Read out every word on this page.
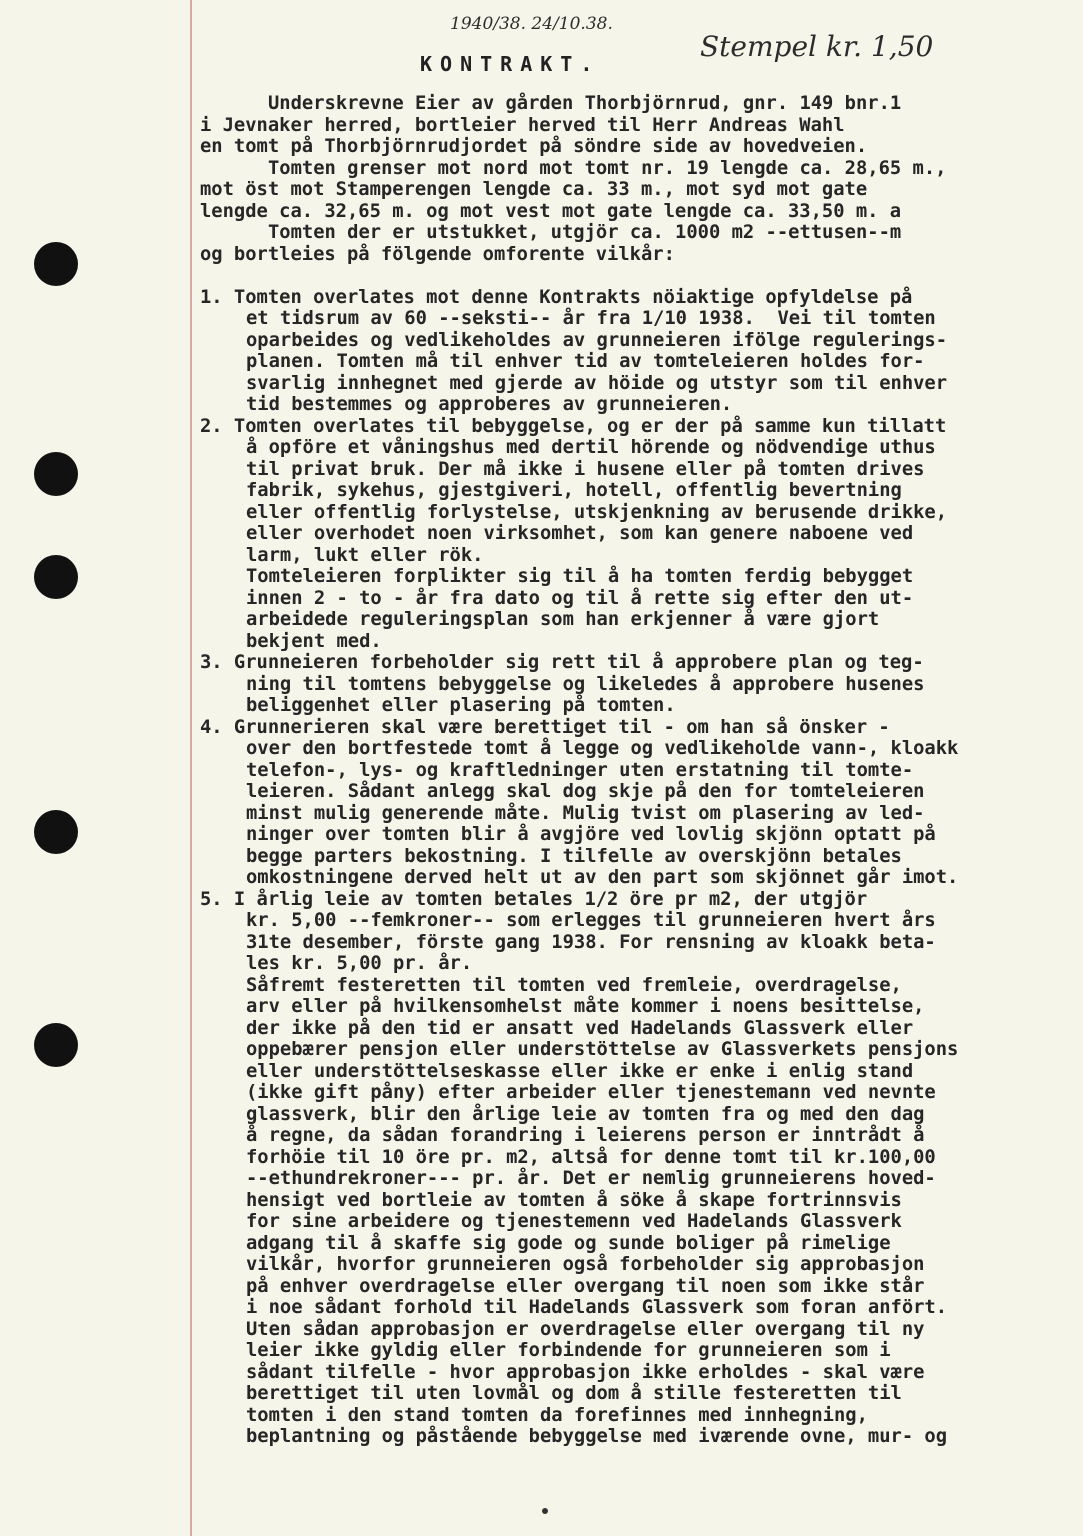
1940/38. 24/10.38.
Stempel kr. 1,50
KONTRAKT.
Underskrevne Eier av gården Thorbjörnrud, gnr. 149 bnr.1
i Jevnaker herred, bortleier herved til Herr Andreas Wahl
en tomt på Thorbjörnrudjordet på söndre side av hovedveien.
Tomten grenser mot nord mot tomt nr. 19 lengde ca. 28,65 m.,
mot öst mot Stamperengen lengde ca. 33 m., mot syd mot gate
lengde ca. 32,65 m. og mot vest mot gate lengde ca. 33,50 m. a
Tomten der er utstukket, utgjör ca. 1000 m2 --ettusen--m
og bortleies på fölgende omforente vilkår:
1. Tomten overlates mot denne Kontrakts nöiaktige opfyldelse på
et tidsrum av 60 --seksti-- år fra 1/10 1938.  Vei til tomten
oparbeides og vedlikeholdes av grunneieren ifölge regulerings-
planen. Tomten må til enhver tid av tomteleieren holdes for-
svarlig innhegnet med gjerde av höide og utstyr som til enhver
tid bestemmes og approberes av grunneieren.
2. Tomten overlates til bebyggelse, og er der på samme kun tillatt
å opföre et våningshus med dertil hörende og nödvendige uthus
til privat bruk. Der må ikke i husene eller på tomten drives
fabrik, sykehus, gjestgiveri, hotell, offentlig bevertning
eller offentlig forlystelse, utskjenkning av berusende drikke,
eller overhodet noen virksomhet, som kan genere naboene ved
larm, lukt eller rök.
Tomteleieren forplikter sig til å ha tomten ferdig bebygget
innen 2 - to - år fra dato og til å rette sig efter den ut-
arbeidede reguleringsplan som han erkjenner å være gjort
bekjent med.
3. Grunneieren forbeholder sig rett til å approbere plan og teg-
ning til tomtens bebyggelse og likeledes å approbere husenes
beliggenhet eller plasering på tomten.
4. Grunnerieren skal være berettiget til - om han så önsker -
over den bortfestede tomt å legge og vedlikeholde vann-, kloakk
telefon-, lys- og kraftledninger uten erstatning til tomte-
leieren. Sådant anlegg skal dog skje på den for tomteleieren
minst mulig generende måte. Mulig tvist om plasering av led-
ninger over tomten blir å avgjöre ved lovlig skjönn optatt på
begge parters bekostning. I tilfelle av overskjönn betales
omkostningene derved helt ut av den part som skjönnet går imot.
5. I årlig leie av tomten betales 1/2 öre pr m2, der utgjör
kr. 5,00 --femkroner-- som erlegges til grunneieren hvert års
31te desember, förste gang 1938. For rensning av kloakk beta-
les kr. 5,00 pr. år.
Såfremt festeretten til tomten ved fremleie, overdragelse,
arv eller på hvilkensomhelst måte kommer i noens besittelse,
der ikke på den tid er ansatt ved Hadelands Glassverk eller
oppebærer pensjon eller understöttelse av Glassverkets pensjons
eller understöttelseskasse eller ikke er enke i enlig stand
(ikke gift påny) efter arbeider eller tjenestemann ved nevnte
glassverk, blir den årlige leie av tomten fra og med den dag
å regne, da sådan forandring i leierens person er inntrådt å
forhöie til 10 öre pr. m2, altså for denne tomt til kr.100,00
--ethundrekroner--- pr. år. Det er nemlig grunneierens hoved-
hensigt ved bortleie av tomten å söke å skape fortrinnsvis
for sine arbeidere og tjenestemenn ved Hadelands Glassverk
adgang til å skaffe sig gode og sunde boliger på rimelige
vilkår, hvorfor grunneieren også forbeholder sig approbasjon
på enhver overdragelse eller overgang til noen som ikke står
i noe sådant forhold til Hadelands Glassverk som foran anfört.
Uten sådan approbasjon er overdragelse eller overgang til ny
leier ikke gyldig eller forbindende for grunneieren som i
sådant tilfelle - hvor approbasjon ikke erholdes - skal være
berettiget til uten lovmål og dom å stille festeretten til
tomten i den stand tomten da forefinnes med innhegning,
beplantning og påstående bebyggelse med iværende ovne, mur- og
